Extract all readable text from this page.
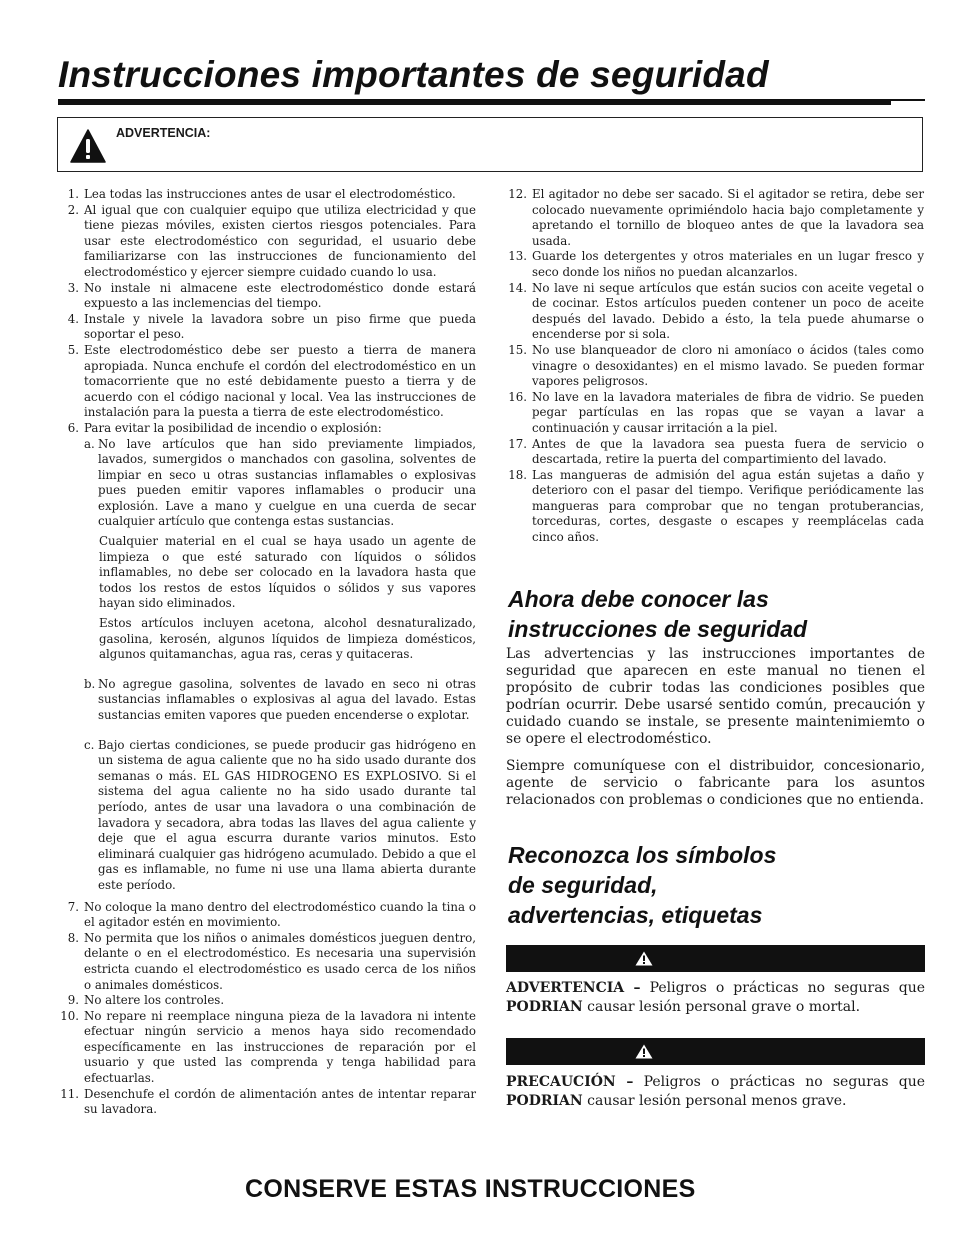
Instrucciones importantes de seguridad
ADVERTENCIA:
1. Lea todas las instrucciones antes de usar el electrodoméstico.
2. Al igual que con cualquier equipo que utiliza electricidad y que tiene piezas móviles, existen ciertos riesgos potenciales. Para usar este electrodoméstico con seguridad, el usuario debe familiarizarse con las instrucciones de funcionamiento del electrodoméstico y ejercer siempre cuidado cuando lo usa.
3. No instale ni almacene este electrodoméstico donde estará expuesto a las inclemencias del tiempo.
4. Instale y nivele la lavadora sobre un piso firme que pueda soportar el peso.
5. Este electrodoméstico debe ser puesto a tierra de manera apropiada. Nunca enchufe el cordón del electrodoméstico en un tomacorriente que no esté debidamente puesto a tierra y de acuerdo con el código nacional y local. Vea las instrucciones de instalación para la puesta a tierra de este electrodoméstico.
6. Para evitar la posibilidad de incendio o explosión:
a. No lave artículos que han sido previamente limpiados, lavados, sumergidos o manchados con gasolina, solventes de limpiar en seco u otras sustancias inflamables o explosivas pues pueden emitir vapores inflamables o producir una explosión. Lave a mano y cuelgue en una cuerda de secar cualquier artículo que contenga estas sustancias.
Cualquier material en el cual se haya usado un agente de limpieza o que esté saturado con líquidos o sólidos inflamables, no debe ser colocado en la lavadora hasta que todos los restos de estos líquidos o sólidos y sus vapores hayan sido eliminados.
Estos artículos incluyen acetona, alcohol desnaturalizado, gasolina, kerosén, algunos líquidos de limpieza domésticos, algunos quitamanchas, agua ras, ceras y quitaceras.
b. No agregue gasolina, solventes de lavado en seco ni otras sustancias inflamables o explosivas al agua del lavado. Estas sustancias emiten vapores que pueden encenderse o explotar.
c. Bajo ciertas condiciones, se puede producir gas hidrógeno en un sistema de agua caliente que no ha sido usado durante dos semanas o más. EL GAS HIDROGENO ES EXPLOSIVO. Si el sistema del agua caliente no ha sido usado durante tal período, antes de usar una lavadora o una combinación de lavadora y secadora, abra todas las llaves del agua caliente y deje que el agua escurra durante varios minutos. Esto eliminará cualquier gas hidrógeno acumulado. Debido a que el gas es inflamable, no fume ni use una llama abierta durante este período.
7. No coloque la mano dentro del electrodoméstico cuando la tina o el agitador estén en movimiento.
8. No permita que los niños o animales domésticos jueguen dentro, delante o en el electrodoméstico. Es necesaria una supervisión estricta cuando el electrodoméstico es usado cerca de los niños o animales domésticos.
9. No altere los controles.
10. No repare ni reemplace ninguna pieza de la lavadora ni intente efectuar ningún servicio a menos haya sido recomendado específicamente en las instrucciones de reparación por el usuario y que usted las comprenda y tenga habilidad para efectuarlas.
11. Desenchufe el cordón de alimentación antes de intentar reparar su lavadora.
12. El agitador no debe ser sacado. Si el agitador se retira, debe ser colocado nuevamente oprimiéndolo hacia bajo completamente y apretando el tornillo de bloqueo antes de que la lavadora sea usada.
13. Guarde los detergentes y otros materiales en un lugar fresco y seco donde los niños no puedan alcanzarlos.
14. No lave ni seque artículos que están sucios con aceite vegetal o de cocinar. Estos artículos pueden contener un poco de aceite después del lavado. Debido a ésto, la tela puede ahumarse o encenderse por si sola.
15. No use blanqueador de cloro ni amoníaco o ácidos (tales como vinagre o desoxidantes) en el mismo lavado. Se pueden formar vapores peligrosos.
16. No lave en la lavadora materiales de fibra de vidrio. Se pueden pegar partículas en las ropas que se vayan a lavar a continuación y causar irritación a la piel.
17. Antes de que la lavadora sea puesta fuera de servicio o descartada, retire la puerta del compartimiento del lavado.
18. Las mangueras de admisión del agua están sujetas a daño y deterioro con el pasar del tiempo. Verifique periódicamente las mangueras para comprobar que no tengan protuberancias, torceduras, cortes, desgaste o escapes y reemplácelas cada cinco años.
Ahora debe conocer las
instrucciones de seguridad

Las advertencias y las instrucciones importantes de seguridad que aparecen en este manual no tienen el propósito de cubrir todas las condiciones posibles que podrían ocurrir. Debe usarsé sentido común, precaución y cuidado cuando se instale, se presente maintenimiemto o se opere el electrodoméstico.

Siempre comuníquese con el distribuidor, concesionario, agente de servicio o fabricante para los asuntos relacionados con problemas o condiciones que no entienda.

Reconozca los símbolos
de seguridad,
advertencias, etiquetas

ADVERTENCIA – Peligros o prácticas no seguras que PODRIAN causar lesión personal grave o mortal.

PRECAUCIÓN – Peligros o prácticas no seguras que PODRIAN causar lesión personal menos grave.

CONSERVE ESTAS INSTRUCCIONES
